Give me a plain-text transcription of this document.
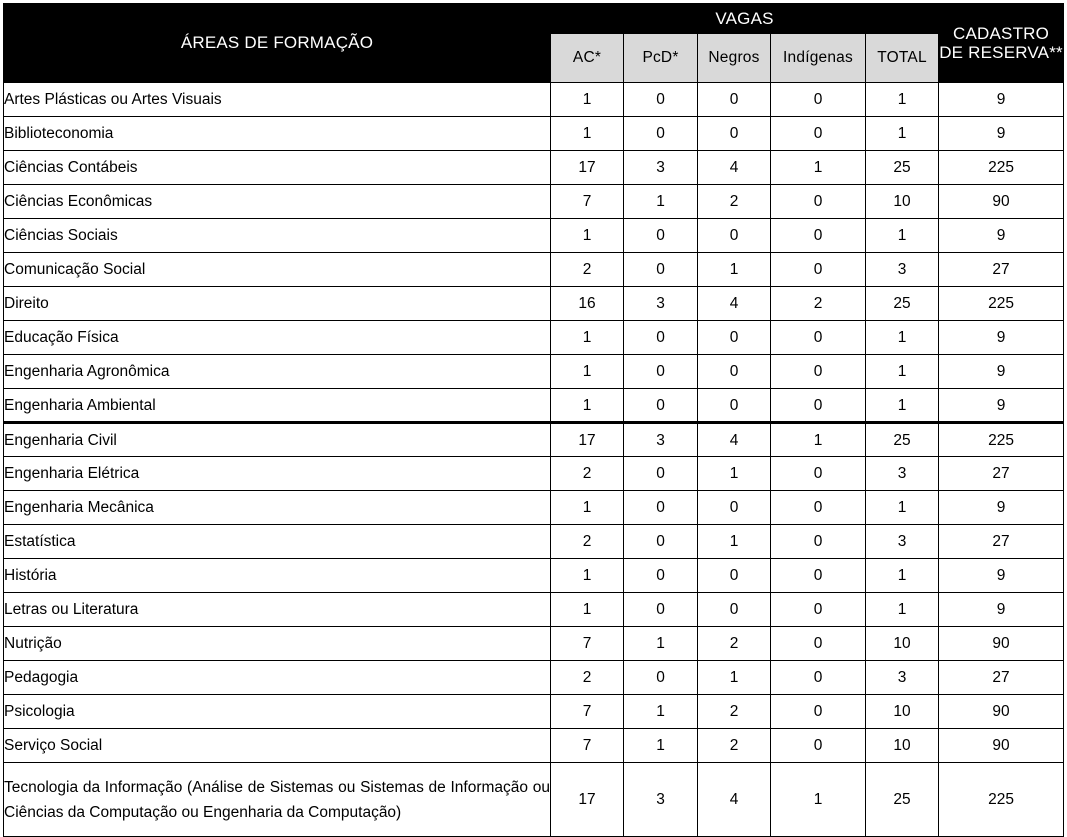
ÁREAS DE FORMAÇÃO	VAGAS					CADASTRO DE RESERVA**
	AC*	PcD*	Negros	Indígenas	TOTAL	
Artes Plásticas ou Artes Visuais	1	0	0	0	1	9
Biblioteconomia	1	0	0	0	1	9
Ciências Contábeis	17	3	4	1	25	225
Ciências Econômicas	7	1	2	0	10	90
Ciências Sociais	1	0	0	0	1	9
Comunicação Social	2	0	1	0	3	27
Direito	16	3	4	2	25	225
Educação Física	1	0	0	0	1	9
Engenharia Agronômica	1	0	0	0	1	9
Engenharia Ambiental	1	0	0	0	1	9
Engenharia Civil	17	3	4	1	25	225
Engenharia Elétrica	2	0	1	0	3	27
Engenharia Mecânica	1	0	0	0	1	9
Estatística	2	0	1	0	3	27
História	1	0	0	0	1	9
Letras ou Literatura	1	0	0	0	1	9
Nutrição	7	1	2	0	10	90
Pedagogia	2	0	1	0	3	27
Psicologia	7	1	2	0	10	90
Serviço Social	7	1	2	0	10	90
Tecnologia da Informação (Análise de Sistemas ou Sistemas de Informação ou Ciências da Computação ou Engenharia da Computação)	17	3	4	1	25	225
